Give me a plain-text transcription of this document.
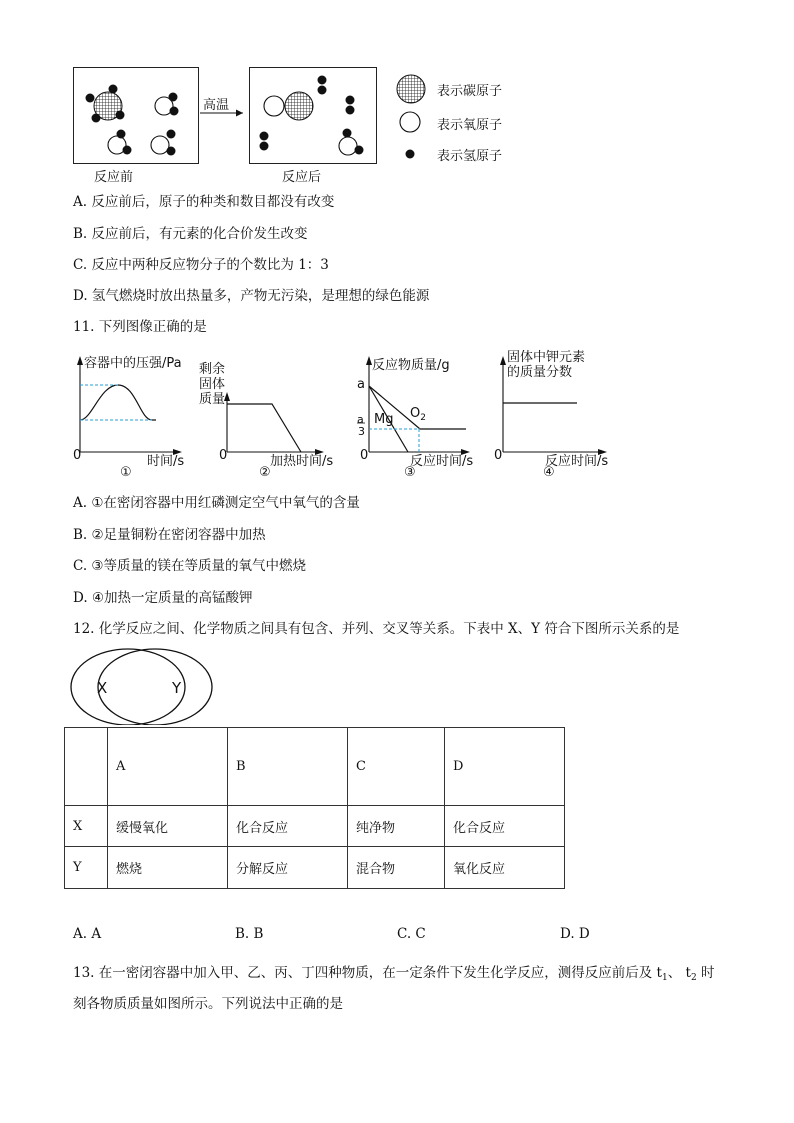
高温
反应前	反应后
表示碳原子
表示氧原子
表示氢原子
A. 反应前后，原子的种类和数目都没有改变
B. 反应前后，有元素的化合价发生改变
C. 反应中两种反应物分子的个数比为 1：3
D. 氢气燃烧时放出热量多，产物无污染，是理想的绿色能源
11. 下列图像正确的是
容器中的压强/Pa
0	时间/s
①
剩余
固体
质量
0	加热时间/s
②
反应物质量/g
a
a
3
Mg $O_2$
0	反应时间/s
③
固体中钾元素
的质量分数
0	反应时间/s
④
A. ①在密闭容器中用红磷测定空气中氧气的含量
B. ②足量铜粉在密闭容器中加热
C. ③等质量的镁在等质量的氧气中燃烧
D. ④加热一定质量的高锰酸钾
12. 化学反应之间、化学物质之间具有包含、并列、交叉等关系。下表中 X、Y 符合下图所示关系的是
X	Y
	A	B	C	D
X	缓慢氧化	化合反应	纯净物	化合反应
Y	燃烧	分解反应	混合物	氧化反应
A. A	B. B	C. C	D. D
13. 在一密闭容器中加入甲、乙、丙、丁四种物质，在一定条件下发生化学反应，测得反应前后及 $t_1$、 $t_2$ 时
刻各物质质量如图所示。下列说法中正确的是
